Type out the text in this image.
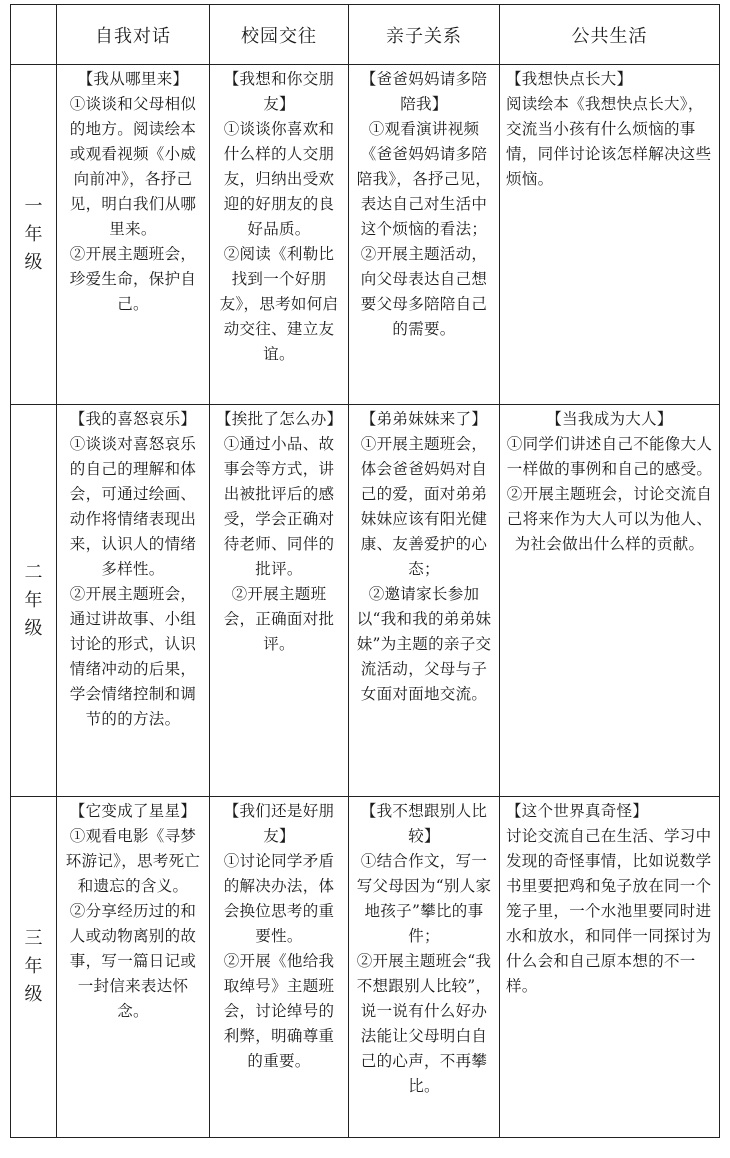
	自我对话	校园交往	亲子关系	公共生活
一年级	【我从哪里来】
①谈谈和父母相似的地方。阅读绘本或观看视频《小威向前冲》，各抒己见，明白我们从哪里来。
②开展主题班会，珍爱生命，保护自己。	【我想和你交朋友】
①谈谈你喜欢和什么样的人交朋友，归纳出受欢迎的好朋友的良好品质。
②阅读《利勒比找到一个好朋友》，思考如何启动交往、建立友谊。	【爸爸妈妈请多陪陪我】
①观看演讲视频《爸爸妈妈请多陪陪我》，各抒己见，表达自己对生活中这个烦恼的看法；
②开展主题活动，向父母表达自己想要父母多陪陪自己的需要。	【我想快点长大】
阅读绘本《我想快点长大》，交流当小孩有什么烦恼的事情，同伴讨论该怎样解决这些烦恼。

二年级	【我的喜怒哀乐】
①谈谈对喜怒哀乐的自己的理解和体会，可通过绘画、动作将情绪表现出来，认识人的情绪多样性。
②开展主题班会，通过讲故事、小组讨论的形式，认识情绪冲动的后果，学会情绪控制和调节的的方法。	【挨批了怎么办】
①通过小品、故事会等方式，讲出被批评后的感受，学会正确对待老师、同伴的批评。
②开展主题班会，正确面对批评。	【弟弟妹妹来了】
①开展主题班会，体会爸爸妈妈对自己的爱，面对弟弟妹妹应该有阳光健康、友善爱护的心态；
②邀请家长参加以“我和我的弟弟妹妹”为主题的亲子交流活动，父母与子女面对面地交流。	【当我成为大人】
①同学们讲述自己不能像大人一样做的事例和自己的感受。
②开展主题班会，讨论交流自己将来作为大人可以为他人、为社会做出什么样的贡献。

三年级	【它变成了星星】
①观看电影《寻梦环游记》，思考死亡和遗忘的含义。
②分享经历过的和人或动物离别的故事，写一篇日记或一封信来表达怀念。	【我们还是好朋友】
①讨论同学矛盾的解决办法，体会换位思考的重要性。
②开展《他给我取绰号》主题班会，讨论绰号的利弊，明确尊重的重要。	【我不想跟别人比较】
①结合作文，写一写父母因为“别人家地孩子”攀比的事件；
②开展主题班会“我不想跟别人比较”，说一说有什么好办法能让父母明白自己的心声，不再攀比。	【这个世界真奇怪】
讨论交流自己在生活、学习中发现的奇怪事情，比如说数学书里要把鸡和兔子放在同一个笼子里，一个水池里要同时进水和放水，和同伴一同探讨为什么会和自己原本想的不一样。
